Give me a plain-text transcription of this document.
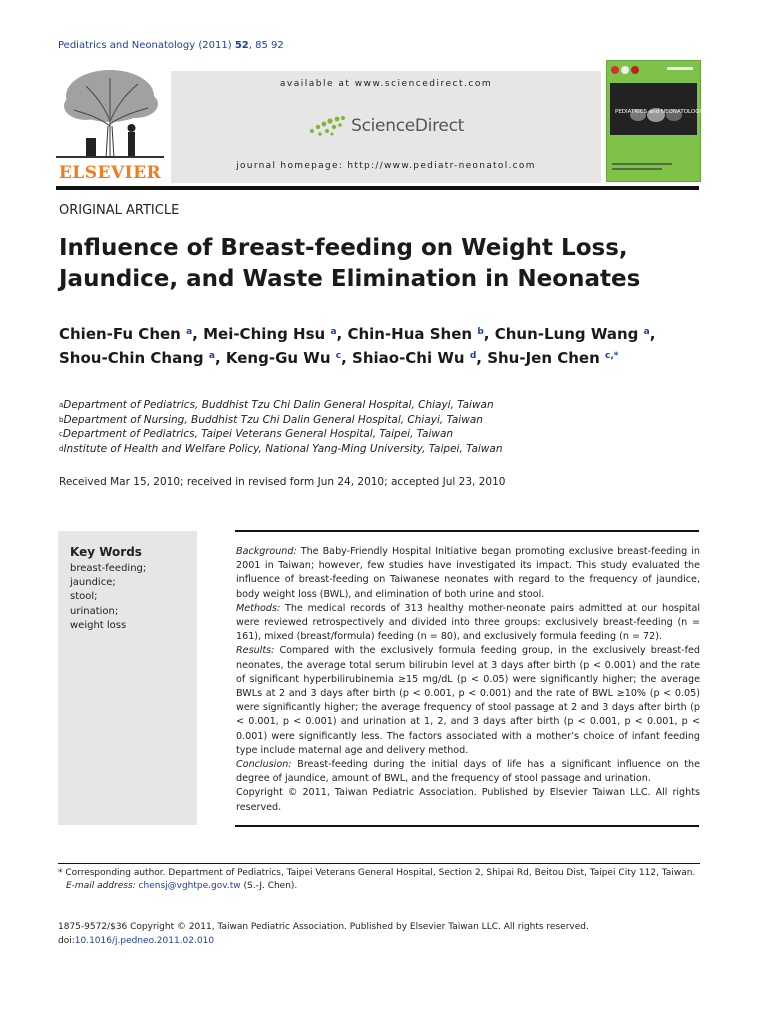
Pediatrics and Neonatology (2011) 52, 85 92
ELSEVIER
available at www.sciencedirect.com
ScienceDirect
journal homepage: http://www.pediatr-neonatol.com
PEDIATRICS and NEONATOLOGY
ORIGINAL ARTICLE
Influence of Breast-feeding on Weight Loss,
Jaundice, and Waste Elimination in Neonates
Chien-Fu Chen $^a$, Mei-Ching Hsu $^a$, Chin-Hua Shen $^b$, Chun-Lung Wang $^a$,
Shou-Chin Chang $^a$, Keng-Gu Wu $^c$, Shiao-Chi Wu $^d$, Shu-Jen Chen $^{c,*}$
$^a$Department of Pediatrics, Buddhist Tzu Chi Dalin General Hospital, Chiayi, Taiwan
$^b$Department of Nursing, Buddhist Tzu Chi Dalin General Hospital, Chiayi, Taiwan
$^c$Department of Pediatrics, Taipei Veterans General Hospital, Taipei, Taiwan
$^d$Institute of Health and Welfare Policy, National Yang-Ming University, Taipei, Taiwan
Received Mar 15, 2010; received in revised form Jun 24, 2010; accepted Jul 23, 2010
Key Words
breast-feeding;
jaundice;
stool;
urination;
weight loss

Background: The Baby-Friendly Hospital Initiative began promoting exclusive breast-feeding in 2001 in Taiwan; however, few studies have investigated its impact. This study evaluated the influence of breast-feeding on Taiwanese neonates with regard to the frequency of jaundice, body weight loss (BWL), and elimination of both urine and stool.

Methods: The medical records of 313 healthy mother-neonate pairs admitted at our hospital were reviewed retrospectively and divided into three groups: exclusively breast-feeding (n = 161), mixed (breast/formula) feeding (n = 80), and exclusively formula feeding (n = 72).

Results: Compared with the exclusively formula feeding group, in the exclusively breast-fed neonates, the average total serum bilirubin level at 3 days after birth (p < 0.001) and the rate of significant hyperbilirubinemia ≥15 mg/dL (p < 0.05) were significantly higher; the average BWLs at 2 and 3 days after birth (p < 0.001, p < 0.001) and the rate of BWL ≥10% (p < 0.05) were significantly higher; the average frequency of stool passage at 2 and 3 days after birth (p < 0.001, p < 0.001) and urination at 1, 2, and 3 days after birth (p < 0.001, p < 0.001, p < 0.001) were significantly less. The factors associated with a mother’s choice of infant feeding type include maternal age and delivery method.

Conclusion: Breast-feeding during the initial days of life has a significant influence on the degree of jaundice, amount of BWL, and the frequency of stool passage and urination.

Copyright © 2011, Taiwan Pediatric Association. Published by Elsevier Taiwan LLC. All rights reserved.

* Corresponding author. Department of Pediatrics, Taipei Veterans General Hospital, Section 2, Shipai Rd, Beitou Dist, Taipei City 112, Taiwan.

E-mail address: chensj@vghtpe.gov.tw (S.-J. Chen).

1875-9572/$36 Copyright © 2011, Taiwan Pediatric Association. Published by Elsevier Taiwan LLC. All rights reserved.

doi:10.1016/j.pedneo.2011.02.010
